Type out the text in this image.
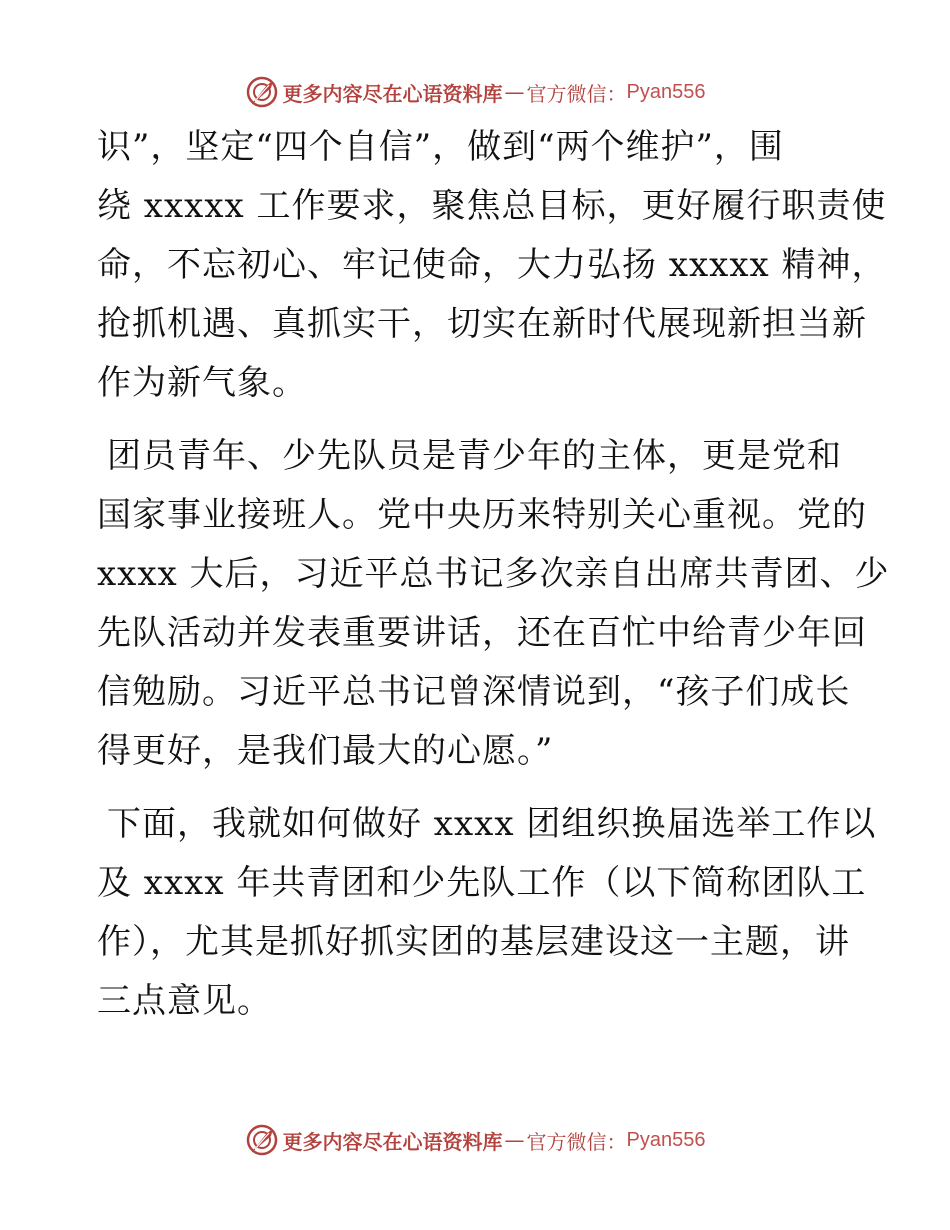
更多内容尽在心语资料库 — 官方微信： Pyan556

识”，坚定“四个自信”，做到“两个维护”，围
绕 xxxxx 工作要求，聚焦总目标，更好履行职责使
命，不忘初心、牢记使命，大力弘扬 xxxxx 精神，
抢抓机遇、真抓实干，切实在新时代展现新担当新
作为新气象。

团员青年、少先队员是青少年的主体，更是党和
国家事业接班人。党中央历来特别关心重视。党的
xxxx 大后，习近平总书记多次亲自出席共青团、少
先队活动并发表重要讲话，还在百忙中给青少年回
信勉励。习近平总书记曾深情说到，“孩子们成长
得更好，是我们最大的心愿。”

下面，我就如何做好 xxxx 团组织换届选举工作以
及 xxxx 年共青团和少先队工作（以下简称团队工
作），尤其是抓好抓实团的基层建设这一主题，讲
三点意见。

更多内容尽在心语资料库 — 官方微信： Pyan556
